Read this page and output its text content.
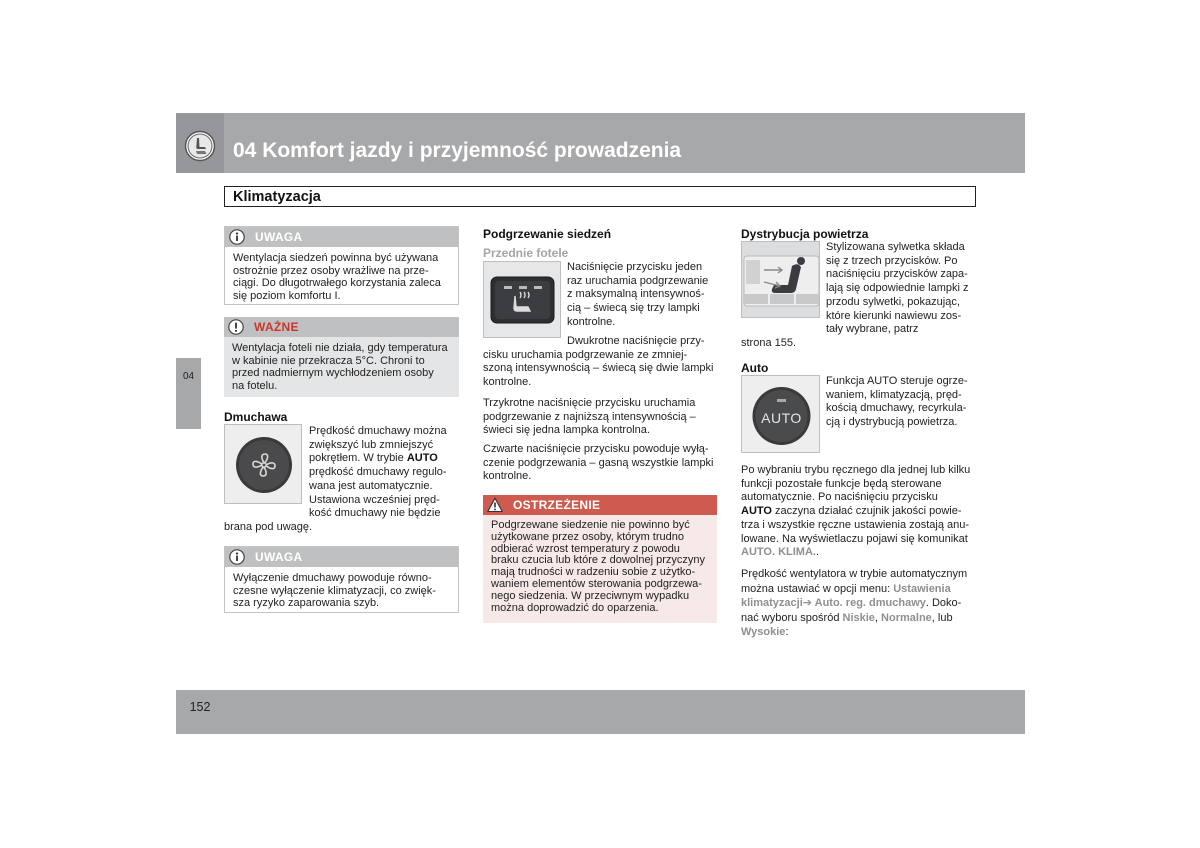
04 Komfort jazdy i przyjemność prowadzenia
Klimatyzacja
04
UWAGA
Wentylacja siedzeń powinna być używana
ostrożnie przez osoby wrażliwe na prze-
ciągi. Do długotrwałego korzystania zaleca
się poziom komfortu I.
WAŻNE
Wentylacja foteli nie działa, gdy temperatura
w kabinie nie przekracza 5°C. Chroni to
przed nadmiernym wychłodzeniem osoby
na fotelu.
Dmuchawa
Prędkość dmuchawy można
zwiększyć lub zmniejszyć
pokrętłem. W trybie AUTO
prędkość dmuchawy regulo-
wana jest automatycznie.
Ustawiona wcześniej pręd-
kość dmuchawy nie będzie
brana pod uwagę.
UWAGA
Wyłączenie dmuchawy powoduje równo-
czesne wyłączenie klimatyzacji, co zwięk-
sza ryzyko zaparowania szyb.
Podgrzewanie siedzeń
Przednie fotele
Naciśnięcie przycisku jeden
raz uruchamia podgrzewanie
z maksymalną intensywnoś-
cią – świecą się trzy lampki
kontrolne.
Dwukrotne naciśnięcie przy-
cisku uruchamia podgrzewanie ze zmniej-
szoną intensywnością – świecą się dwie lampki
kontrolne.
Trzykrotne naciśnięcie przycisku uruchamia
podgrzewanie z najniższą intensywnością –
świeci się jedna lampka kontrolna.
Czwarte naciśnięcie przycisku powoduje wyłą-
czenie podgrzewania – gasną wszystkie lampki
kontrolne.
OSTRZEŻENIE
Podgrzewane siedzenie nie powinno być
użytkowane przez osoby, którym trudno
odbierać wzrost temperatury z powodu
braku czucia lub które z dowolnej przyczyny
mają trudności w radzeniu sobie z użytko-
waniem elementów sterowania podgrzewa-
nego siedzenia. W przeciwnym wypadku
można doprowadzić do oparzenia.
Dystrybucja powietrza
Stylizowana sylwetka składa
się z trzech przycisków. Po
naciśnięciu przycisków zapa-
lają się odpowiednie lampki z
przodu sylwetki, pokazując,
które kierunki nawiewu zos-
tały wybrane, patrz
strona 155.
Auto
AUTO
Funkcja AUTO steruje ogrze-
waniem, klimatyzacją, pręd-
kością dmuchawy, recyrkula-
cją i dystrybucją powietrza.
Po wybraniu trybu ręcznego dla jednej lub kilku
funkcji pozostałe funkcje będą sterowane
automatycznie. Po naciśnięciu przycisku
AUTO zaczyna działać czujnik jakości powie-
trza i wszystkie ręczne ustawienia zostają anu-
lowane. Na wyświetlaczu pojawi się komunikat
AUTO. KLIMA..
Prędkość wentylatora w trybie automatycznym
można ustawiać w opcji menu: Ustawienia
klimatyzacji➔ Auto. reg. dmuchawy. Doko-
nać wyboru spośród Niskie, Normalne, lub
Wysokie:
152
